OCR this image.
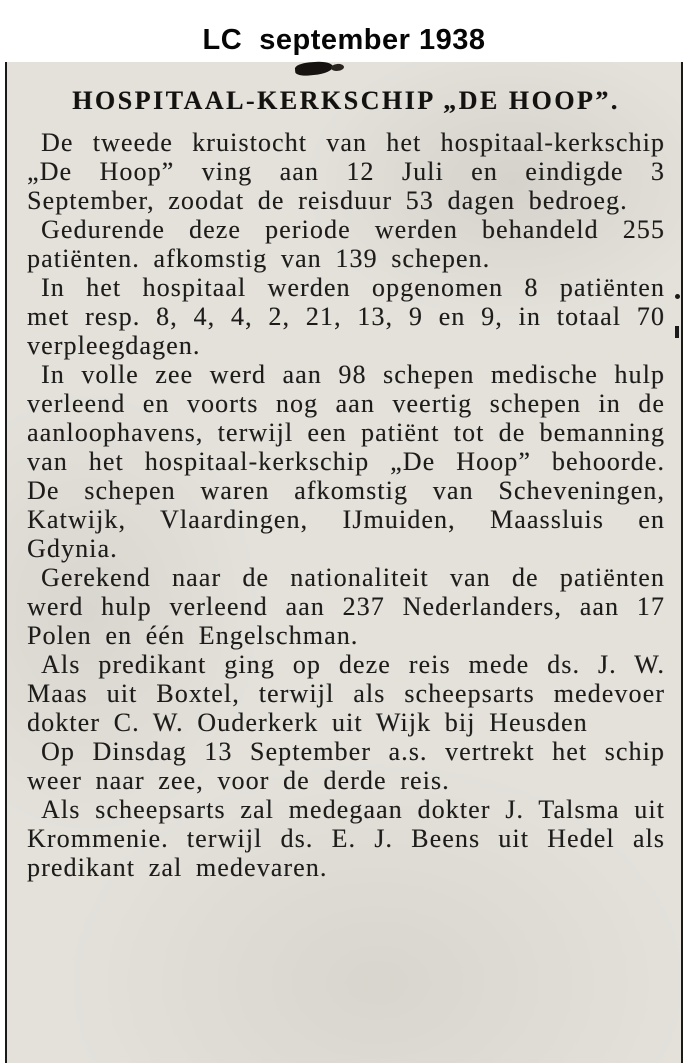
LC  september 1938
HOSPITAAL-KERKSCHIP „DE HOOP”.

De tweede kruistocht van het hospitaal-kerkschip „De Hoop” ving aan 12 Juli en eindigde 3 September, zoodat de reisduur 53 dagen bedroeg.

Gedurende deze periode werden behandeld 255 patiënten. afkomstig van 139 schepen.

In het hospitaal werden opgenomen 8 patiënten met resp. 8, 4, 4, 2, 21, 13, 9 en 9, in totaal 70 verpleegdagen.

In volle zee werd aan 98 schepen medische hulp verleend en voorts nog aan veertig schepen in de aanloophavens, terwijl een patiënt tot de bemanning van het hospitaal-kerkschip „De Hoop” behoorde. De schepen waren afkomstig van Scheveningen, Katwijk, Vlaardingen, IJmuiden, Maassluis en Gdynia.

Gerekend naar de nationaliteit van de patiënten werd hulp verleend aan 237 Nederlanders, aan 17 Polen en één Engelschman.

Als predikant ging op deze reis mede ds. J. W. Maas uit Boxtel, terwijl als scheepsarts medevoer dokter C. W. Ouderkerk uit Wijk bij Heusden

Op Dinsdag 13 September a.s. vertrekt het schip weer naar zee, voor de derde reis.

Als scheepsarts zal medegaan dokter J. Talsma uit Krommenie. terwijl ds. E. J. Beens uit Hedel als predikant zal medevaren.
